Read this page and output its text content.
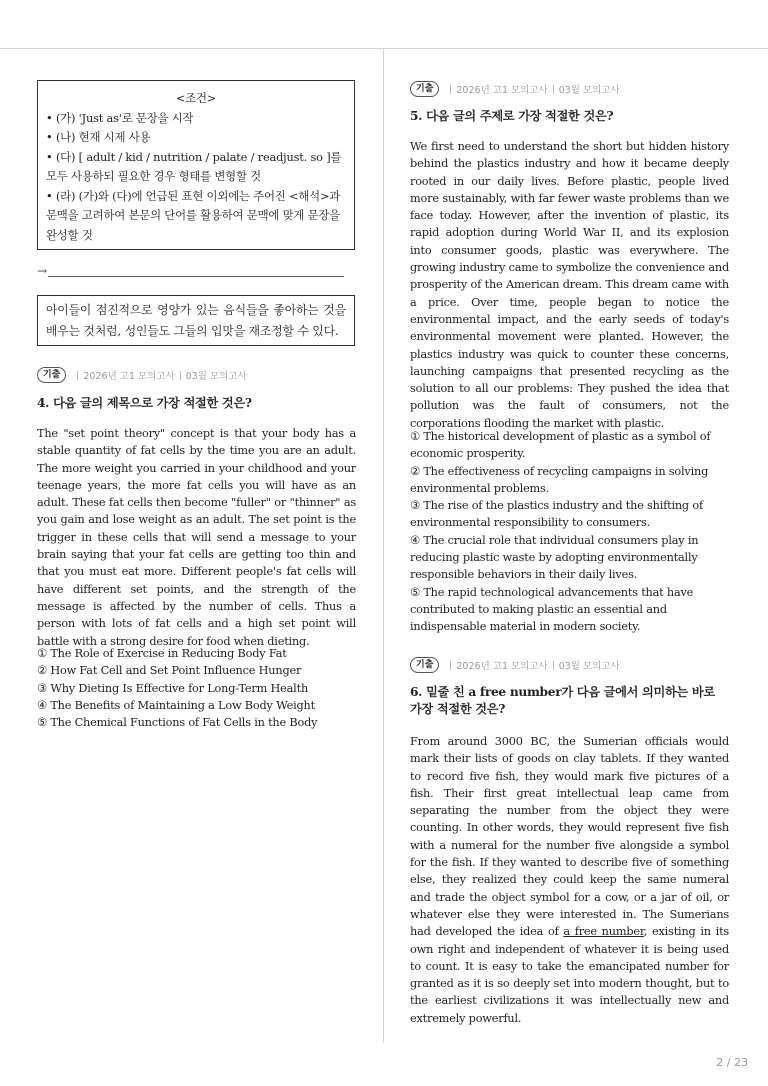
<조건>
• (가) 'Just as'로 문장을 시작
• (나) 현재 시제 사용
• (다) [ adult / kid / nutrition / palate / readjust. so ]를 모두 사용하되 필요한 경우 형태를 변형할 것
• (라) (가)와 (다)에 언급된 표현 이외에는 주어진 <해석>과 문맥을 고려하여 본문의 단어를 활용하여 문맥에 맞게 문장을 완성할 것
→
아이들이 점진적으로 영양가 있는 음식들을 좋아하는 것을 배우는 것처럼, 성인들도 그들의 입맛을 재조정할 수 있다.
기출	2026년 고1 모의고사 03월 모의고사
4. 다음 글의 제목으로 가장 적절한 것은?
The "set point theory" concept is that your body has a stable quantity of fat cells by the time you are an adult. The more weight you carried in your childhood and your teenage years, the more fat cells you will have as an adult. These fat cells then become "fuller" or "thinner" as you gain and lose weight as an adult. The set point is the trigger in these cells that will send a message to your brain saying that your fat cells are getting too thin and that you must eat more. Different people's fat cells will have different set points, and the strength of the message is affected by the number of cells. Thus a person with lots of fat cells and a high set point will battle with a strong desire for food when dieting.
① The Role of Exercise in Reducing Body Fat
② How Fat Cell and Set Point Influence Hunger
③ Why Dieting Is Effective for Long-Term Health
④ The Benefits of Maintaining a Low Body Weight
⑤ The Chemical Functions of Fat Cells in the Body
기출	2026년 고1 모의고사 03월 모의고사
5. 다음 글의 주제로 가장 적절한 것은?
We first need to understand the short but hidden history behind the plastics industry and how it became deeply rooted in our daily lives. Before plastic, people lived more sustainably, with far fewer waste problems than we face today. However, after the invention of plastic, its rapid adoption during World War II, and its explosion into consumer goods, plastic was everywhere. The growing industry came to symbolize the convenience and prosperity of the American dream. This dream came with a price. Over time, people began to notice the environmental impact, and the early seeds of today's environmental movement were planted. However, the plastics industry was quick to counter these concerns, launching campaigns that presented recycling as the solution to all our problems: They pushed the idea that pollution was the fault of consumers, not the corporations flooding the market with plastic.
① The historical development of plastic as a symbol of economic prosperity.
② The effectiveness of recycling campaigns in solving environmental problems.
③ The rise of the plastics industry and the shifting of environmental responsibility to consumers.
④ The crucial role that individual consumers play in reducing plastic waste by adopting environmentally responsible behaviors in their daily lives.
⑤ The rapid technological advancements that have contributed to making plastic an essential and indispensable material in modern society.
기출	2026년 고1 모의고사 03월 모의고사
6. 밑줄 친 a free number가 다음 글에서 의미하는 바로 가장 적절한 것은?
From around 3000 BC, the Sumerian officials would mark their lists of goods on clay tablets. If they wanted to record five fish, they would mark five pictures of a fish. Their first great intellectual leap came from separating the number from the object they were counting. In other words, they would represent five fish with a numeral for the number five alongside a symbol for the fish. If they wanted to describe five of something else, they realized they could keep the same numeral and trade the object symbol for a cow, or a jar of oil, or whatever else they were interested in. The Sumerians had developed the idea of a free number, existing in its own right and independent of whatever it is being used to count. It is easy to take the emancipated number for granted as it is so deeply set into modern thought, but to the earliest civilizations it was intellectually new and extremely powerful.
2 / 23
